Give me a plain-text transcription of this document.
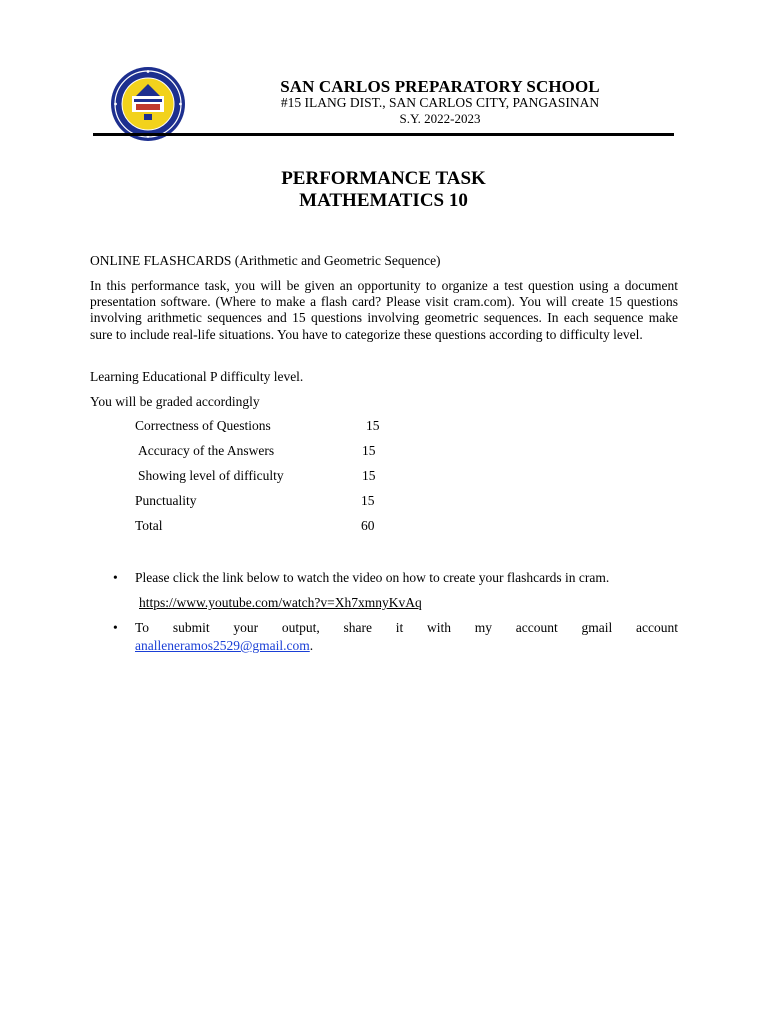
SAN CARLOS PREPARATORY SCHOOL
#15 ILANG DIST., SAN CARLOS CITY, PANGASINAN
S.Y. 2022-2023
PERFORMANCE TASK
MATHEMATICS 10
ONLINE FLASHCARDS (Arithmetic and Geometric Sequence)
In this performance task, you will be given an opportunity to organize a test question using a document presentation software. (Where to make a flash card? Please visit cram.com). You will create 15 questions involving arithmetic sequences and 15 questions involving geometric sequences. In each sequence make sure to include real-life situations. You have to categorize these questions according to difficulty level.
Learning Educational P difficulty level.
You will be graded accordingly
Correctness of Questions	15
Accuracy of the Answers	15
Showing level of difficulty	15
Punctuality	15
Total	60
• Please click the link below to watch the video on how to create your flashcards in cram.
https://www.youtube.com/watch?v=Xh7xmnyKvAq
• To submit your output, share it with my account gmail account
analleneramos2529@gmail.com.
